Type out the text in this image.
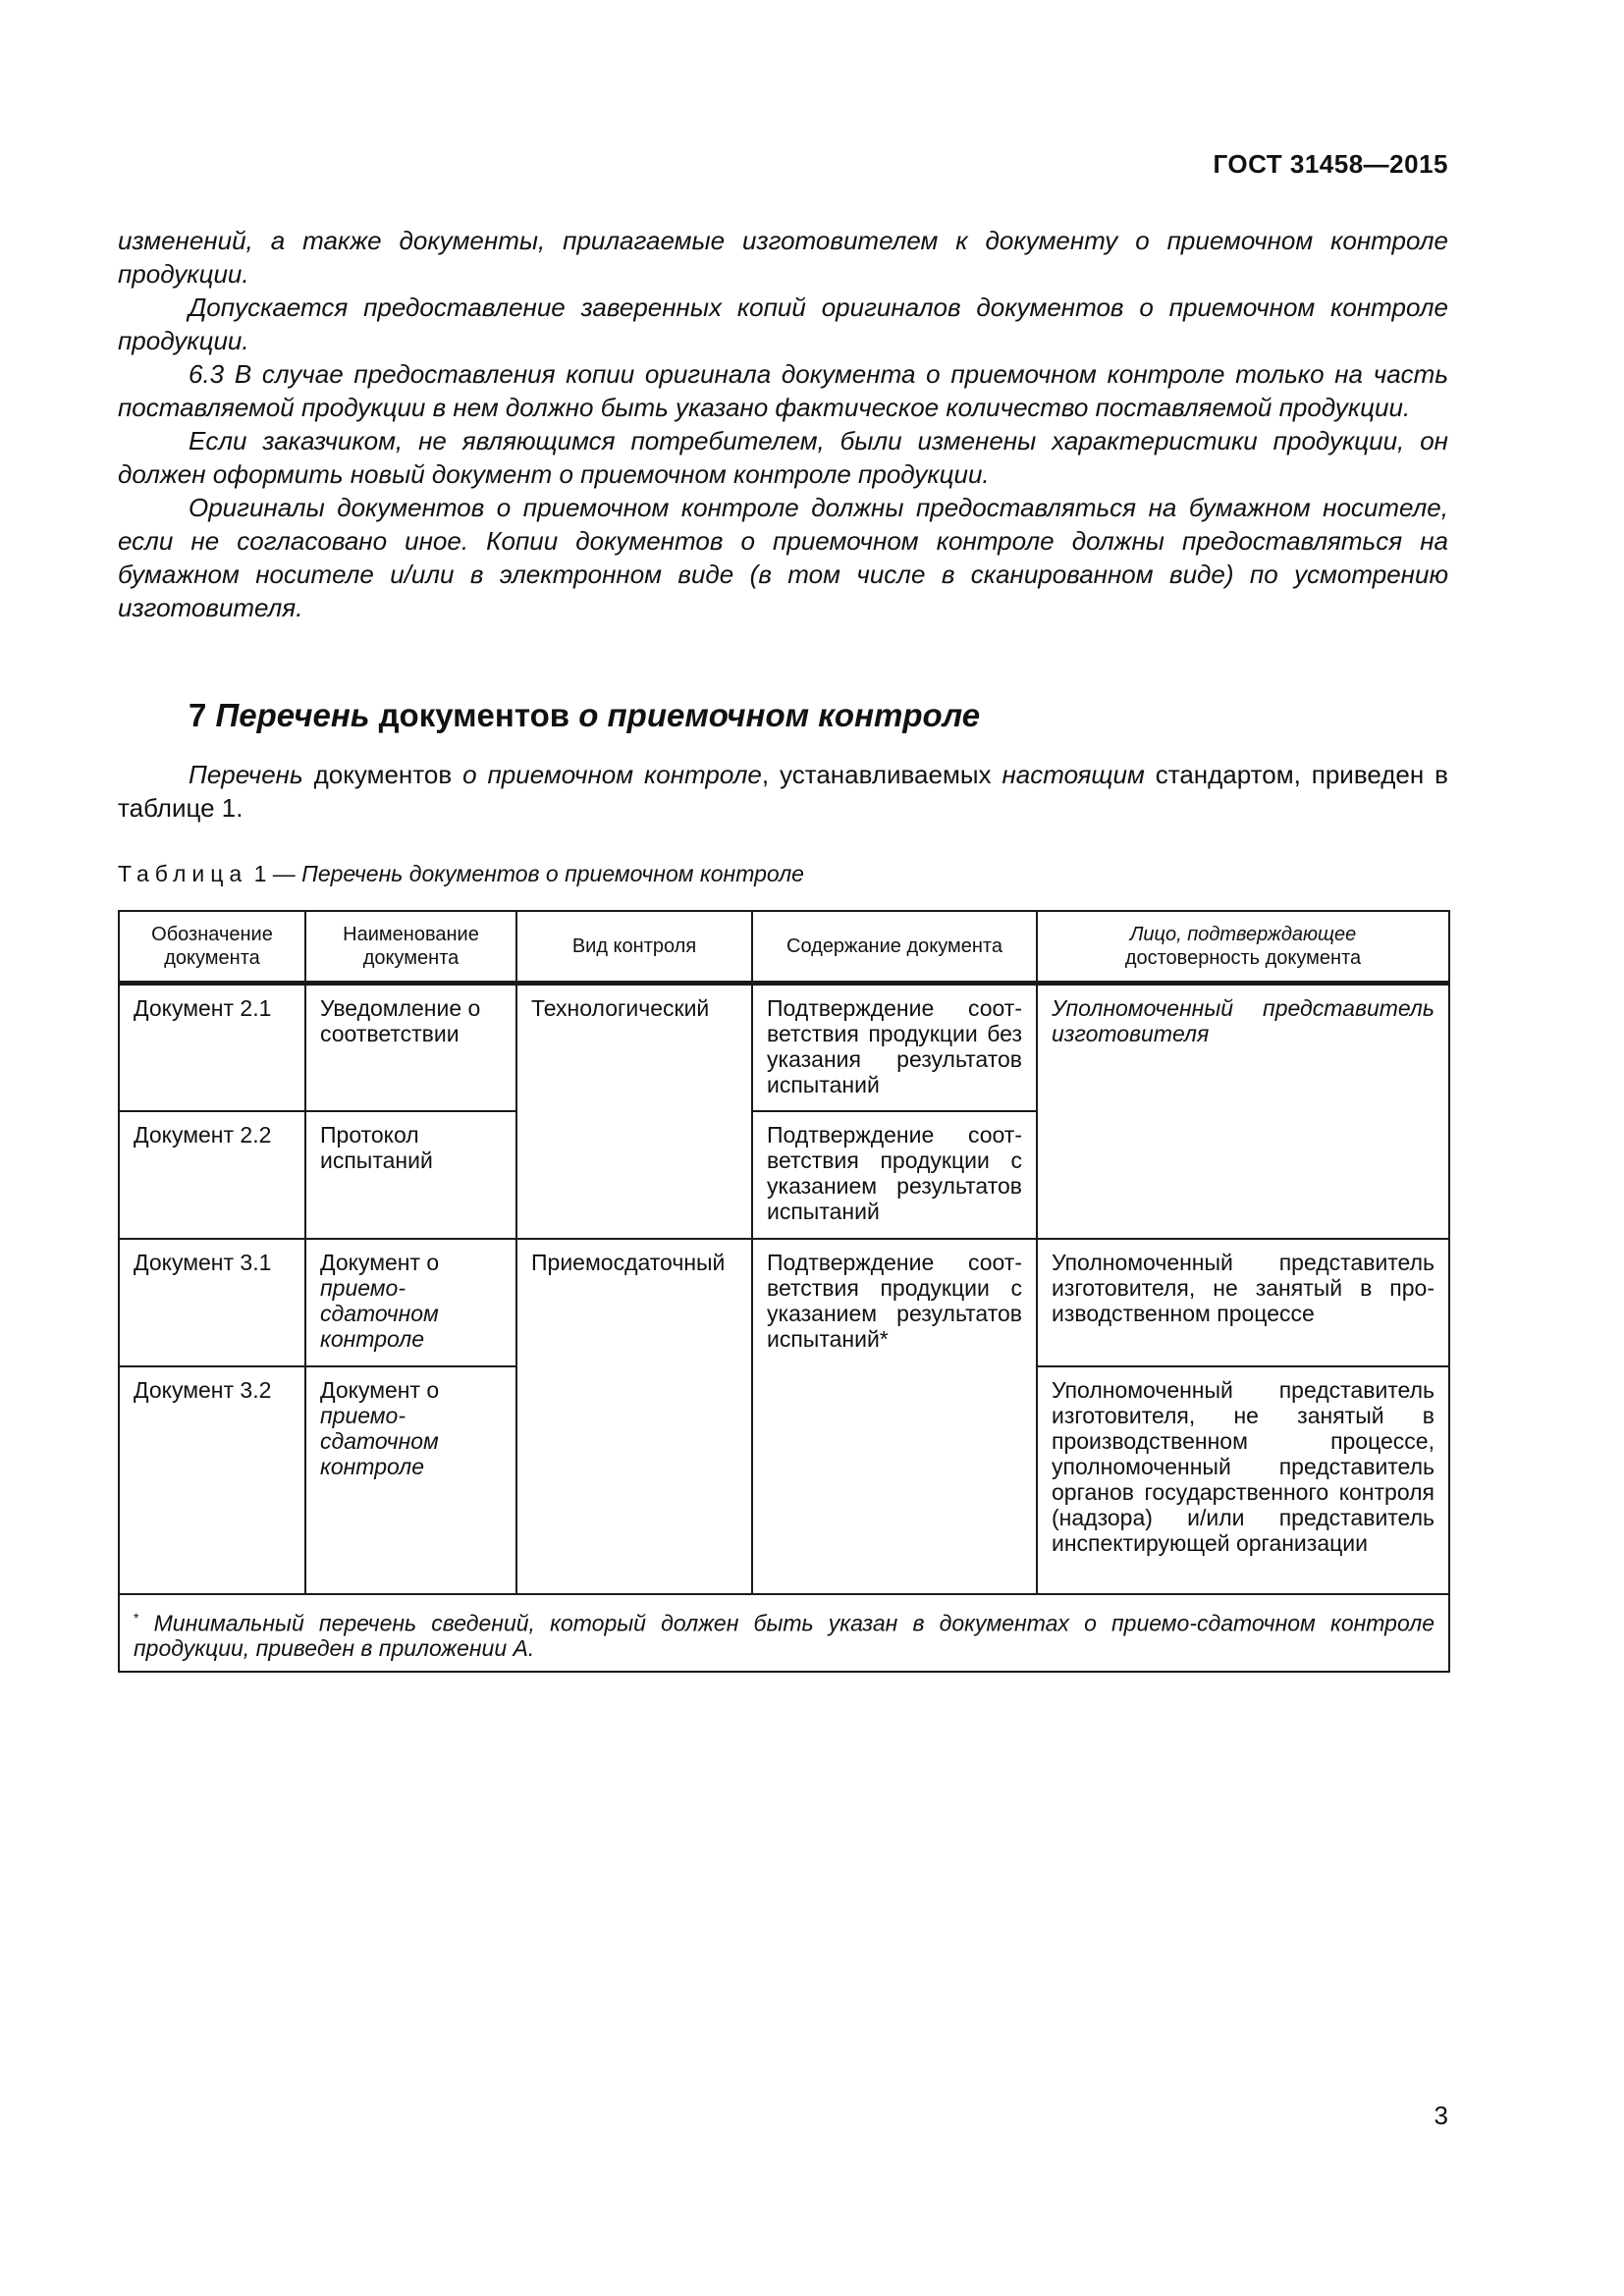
ГОСТ 31458—2015

изменений, а также документы, прилагаемые изготовителем к документу о приемочном контроле продукции.

Допускается предоставление заверенных копий оригиналов документов о приемочном контроле продукции.

6.3 В случае предоставления копии оригинала документа о приемочном контроле только на часть поставляемой продукции в нем должно быть указано фактическое количество поставляемой продукции.

Если заказчиком, не являющимся потребителем, были изменены характеристики продукции, он должен оформить новый документ о приемочном контроле продукции.

Оригиналы документов о приемочном контроле должны предоставляться на бумажном носителе, если не согласовано иное. Копии документов о приемочном контроле должны предоставляться на бумажном носителе и/или в электронном виде (в том числе в сканированном виде) по усмотрению изготовителя.

7 Перечень документов о приемочном контроле

Перечень документов о приемочном контроле, устанавливаемых настоящим стандартом, приведен в таблице 1.

Таблица 1 — Перечень документов о приемочном контроле
Обозначение документа	Наименование документа	Вид контроля	Содержание документа	Лицо, подтверждающее
достоверность документа
Документ 2.1	Уведомление о соответствии	Технологический	Подтверждение соответствия продукции без указания результатов испытаний	Уполномоченный представитель изготовителя
Документ 2.2	Протокол испытаний		Подтверждение соответствия продукции с указанием результатов испытаний	
Документ 3.1	Документ о приемосдаточном контроле	Приемосдаточный	Подтверждение соответствия продукции с указанием результатов испытаний*	Уполномоченный представитель изготовителя, не занятый в производственном процессе
Документ 3.2	Документ о приемосдаточном контроле			Уполномоченный представитель изготовителя, не занятый в производственном процессе, уполномоченный представитель органов государственного контроля (надзора) и/или представитель инспектирующей организации
* Минимальный перечень сведений, который должен быть указан в документах о приемо-сдаточном контроле продукции, приведен в приложении А.				
3
